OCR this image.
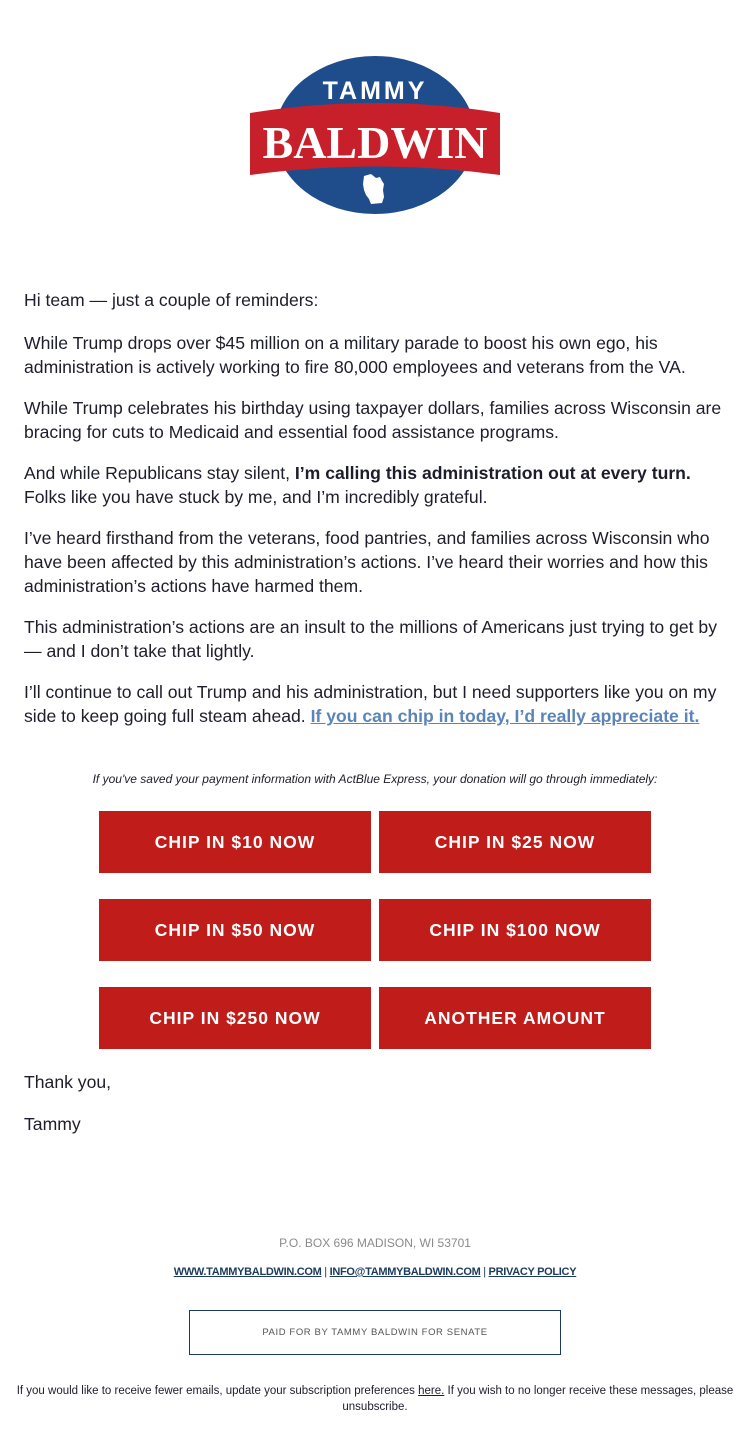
TAMMY
BALDWIN

Hi team — just a couple of reminders:

While Trump drops over $45 million on a military parade to boost his own ego, his administration is actively working to fire 80,000 employees and veterans from the VA.

While Trump celebrates his birthday using taxpayer dollars, families across Wisconsin are bracing for cuts to Medicaid and essential food assistance programs.

And while Republicans stay silent, I’m calling this administration out at every turn. Folks like you have stuck by me, and I’m incredibly grateful.

I’ve heard firsthand from the veterans, food pantries, and families across Wisconsin who have been affected by this administration’s actions. I’ve heard their worries and how this administration’s actions have harmed them.

This administration’s actions are an insult to the millions of Americans just trying to get by — and I don’t take that lightly.

I’ll continue to call out Trump and his administration, but I need supporters like you on my side to keep going full steam ahead. If you can chip in today, I’d really appreciate it.

If you've saved your payment information with ActBlue Express, your donation will go through immediately:
CHIP IN $10 NOW	CHIP IN $25 NOW
CHIP IN $50 NOW	CHIP IN $100 NOW
CHIP IN $250 NOW	ANOTHER AMOUNT
Thank you,
Tammy
P.O. BOX 696 MADISON, WI 53701
WWW.TAMMYBALDWIN.COM | INFO@TAMMYBALDWIN.COM | PRIVACY POLICY
PAID FOR BY TAMMY BALDWIN FOR SENATE
If you would like to receive fewer emails, update your subscription preferences here. If you wish to no longer receive these messages, please unsubscribe.
